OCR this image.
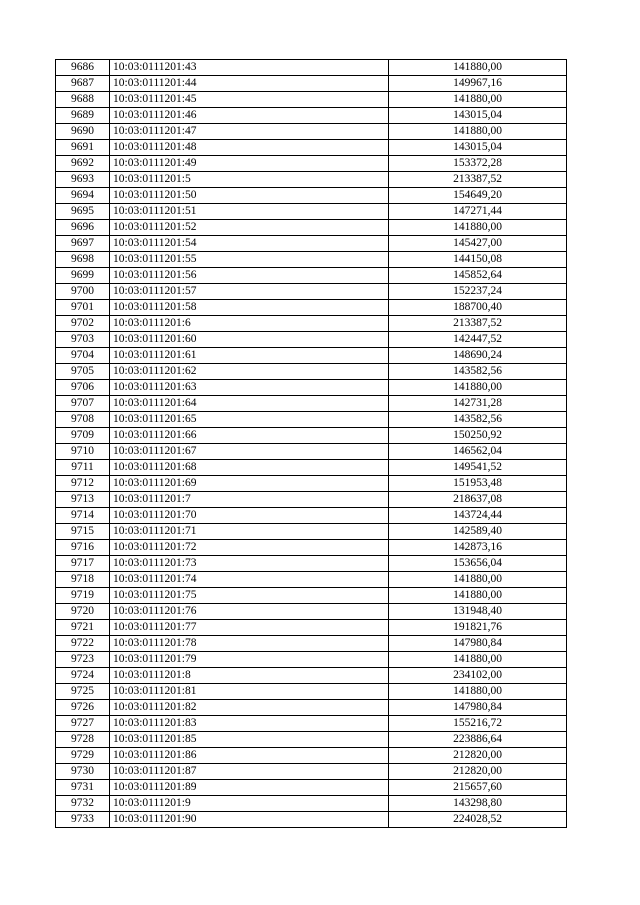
9686	10:03:0111201:43	141880,00
9687	10:03:0111201:44	149967,16
9688	10:03:0111201:45	141880,00
9689	10:03:0111201:46	143015,04
9690	10:03:0111201:47	141880,00
9691	10:03:0111201:48	143015,04
9692	10:03:0111201:49	153372,28
9693	10:03:0111201:5	213387,52
9694	10:03:0111201:50	154649,20
9695	10:03:0111201:51	147271,44
9696	10:03:0111201:52	141880,00
9697	10:03:0111201:54	145427,00
9698	10:03:0111201:55	144150,08
9699	10:03:0111201:56	145852,64
9700	10:03:0111201:57	152237,24
9701	10:03:0111201:58	188700,40
9702	10:03:0111201:6	213387,52
9703	10:03:0111201:60	142447,52
9704	10:03:0111201:61	148690,24
9705	10:03:0111201:62	143582,56
9706	10:03:0111201:63	141880,00
9707	10:03:0111201:64	142731,28
9708	10:03:0111201:65	143582,56
9709	10:03:0111201:66	150250,92
9710	10:03:0111201:67	146562,04
9711	10:03:0111201:68	149541,52
9712	10:03:0111201:69	151953,48
9713	10:03:0111201:7	218637,08
9714	10:03:0111201:70	143724,44
9715	10:03:0111201:71	142589,40
9716	10:03:0111201:72	142873,16
9717	10:03:0111201:73	153656,04
9718	10:03:0111201:74	141880,00
9719	10:03:0111201:75	141880,00
9720	10:03:0111201:76	131948,40
9721	10:03:0111201:77	191821,76
9722	10:03:0111201:78	147980,84
9723	10:03:0111201:79	141880,00
9724	10:03:0111201:8	234102,00
9725	10:03:0111201:81	141880,00
9726	10:03:0111201:82	147980,84
9727	10:03:0111201:83	155216,72
9728	10:03:0111201:85	223886,64
9729	10:03:0111201:86	212820,00
9730	10:03:0111201:87	212820,00
9731	10:03:0111201:89	215657,60
9732	10:03:0111201:9	143298,80
9733	10:03:0111201:90	224028,52
